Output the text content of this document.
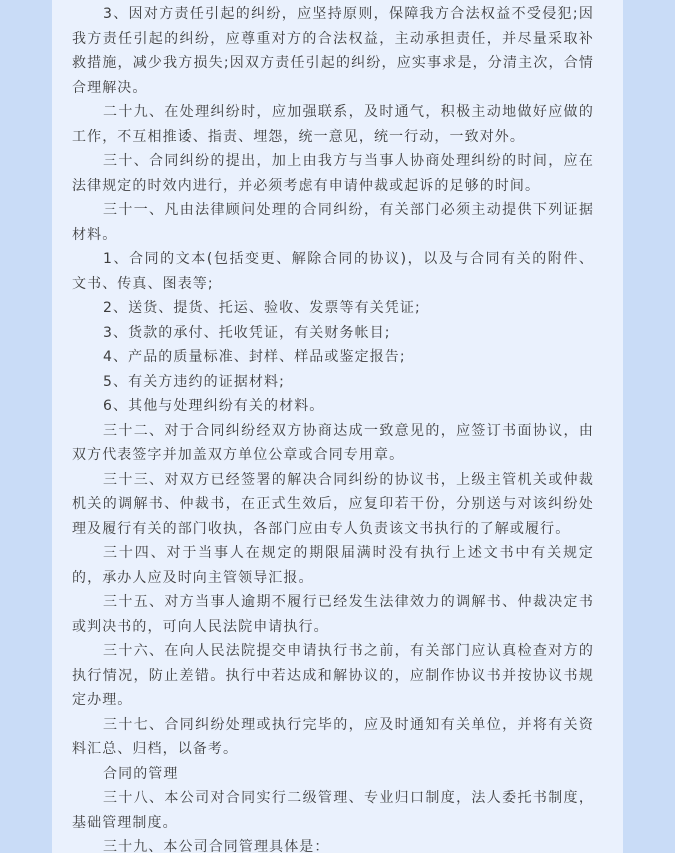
3、因对方责任引起的纠纷，应坚持原则，保障我方合法权益不受侵犯;因我方责任引起的纠纷，应尊重对方的合法权益，主动承担责任，并尽量采取补救措施，减少我方损失;因双方责任引起的纠纷，应实事求是，分清主次，合情合理解决。

二十九、在处理纠纷时，应加强联系，及时通气，积极主动地做好应做的工作，不互相推诿、指责、埋怨，统一意见，统一行动，一致对外。

三十、合同纠纷的提出，加上由我方与当事人协商处理纠纷的时间，应在法律规定的时效内进行，并必须考虑有申请仲裁或起诉的足够的时间。

三十一、凡由法律顾问处理的合同纠纷，有关部门必须主动提供下列证据材料。

1、合同的文本(包括变更、解除合同的协议)，以及与合同有关的附件、文书、传真、图表等;

2、送货、提货、托运、验收、发票等有关凭证;

3、货款的承付、托收凭证，有关财务帐目;

4、产品的质量标准、封样、样品或鉴定报告;

5、有关方违约的证据材料;

6、其他与处理纠纷有关的材料。

三十二、对于合同纠纷经双方协商达成一致意见的，应签订书面协议，由双方代表签字并加盖双方单位公章或合同专用章。

三十三、对双方已经签署的解决合同纠纷的协议书，上级主管机关或仲裁机关的调解书、仲裁书，在正式生效后，应复印若干份，分别送与对该纠纷处理及履行有关的部门收执，各部门应由专人负责该文书执行的了解或履行。

三十四、对于当事人在规定的期限届满时没有执行上述文书中有关规定的，承办人应及时向主管领导汇报。

三十五、对方当事人逾期不履行已经发生法律效力的调解书、仲裁决定书或判决书的，可向人民法院申请执行。

三十六、在向人民法院提交申请执行书之前，有关部门应认真检查对方的执行情况，防止差错。执行中若达成和解协议的，应制作协议书并按协议书规定办理。

三十七、合同纠纷处理或执行完毕的，应及时通知有关单位，并将有关资料汇总、归档，以备考。

合同的管理

三十八、本公司对合同实行二级管理、专业归口制度，法人委托书制度，基础管理制度。

三十九、本公司合同管理具体是：
